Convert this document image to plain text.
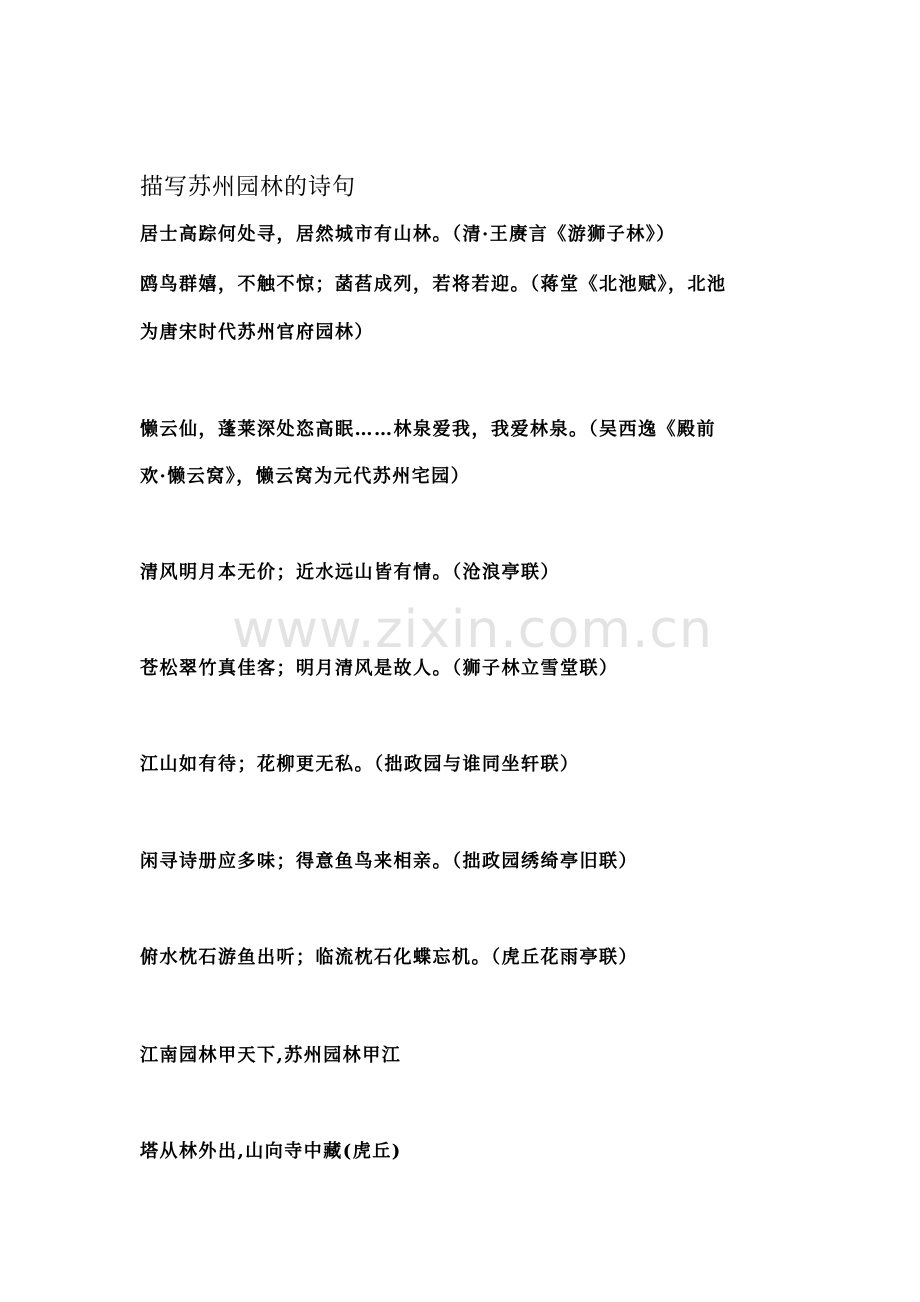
www.zixin.com.cn
描写苏州园林的诗句
居士高踪何处寻，居然城市有山林。（清·王赓言《游狮子林》）
鸥鸟群嬉，不触不惊；菡萏成列，若将若迎。（蒋堂《北池赋》，北池
为唐宋时代苏州官府园林）
懒云仙，蓬莱深处恣高眠……林泉爱我，我爱林泉。（吴西逸《殿前
欢·懒云窝》，懒云窝为元代苏州宅园）
清风明月本无价；近水远山皆有情。（沧浪亭联）
苍松翠竹真佳客；明月清风是故人。（狮子林立雪堂联）
江山如有待；花柳更无私。（拙政园与谁同坐轩联）
闲寻诗册应多味；得意鱼鸟来相亲。（拙政园绣绮亭旧联）
俯水枕石游鱼出听；临流枕石化蝶忘机。（虎丘花雨亭联）
江南园林甲天下,苏州园林甲江
塔从林外出,山向寺中藏(虎丘)
